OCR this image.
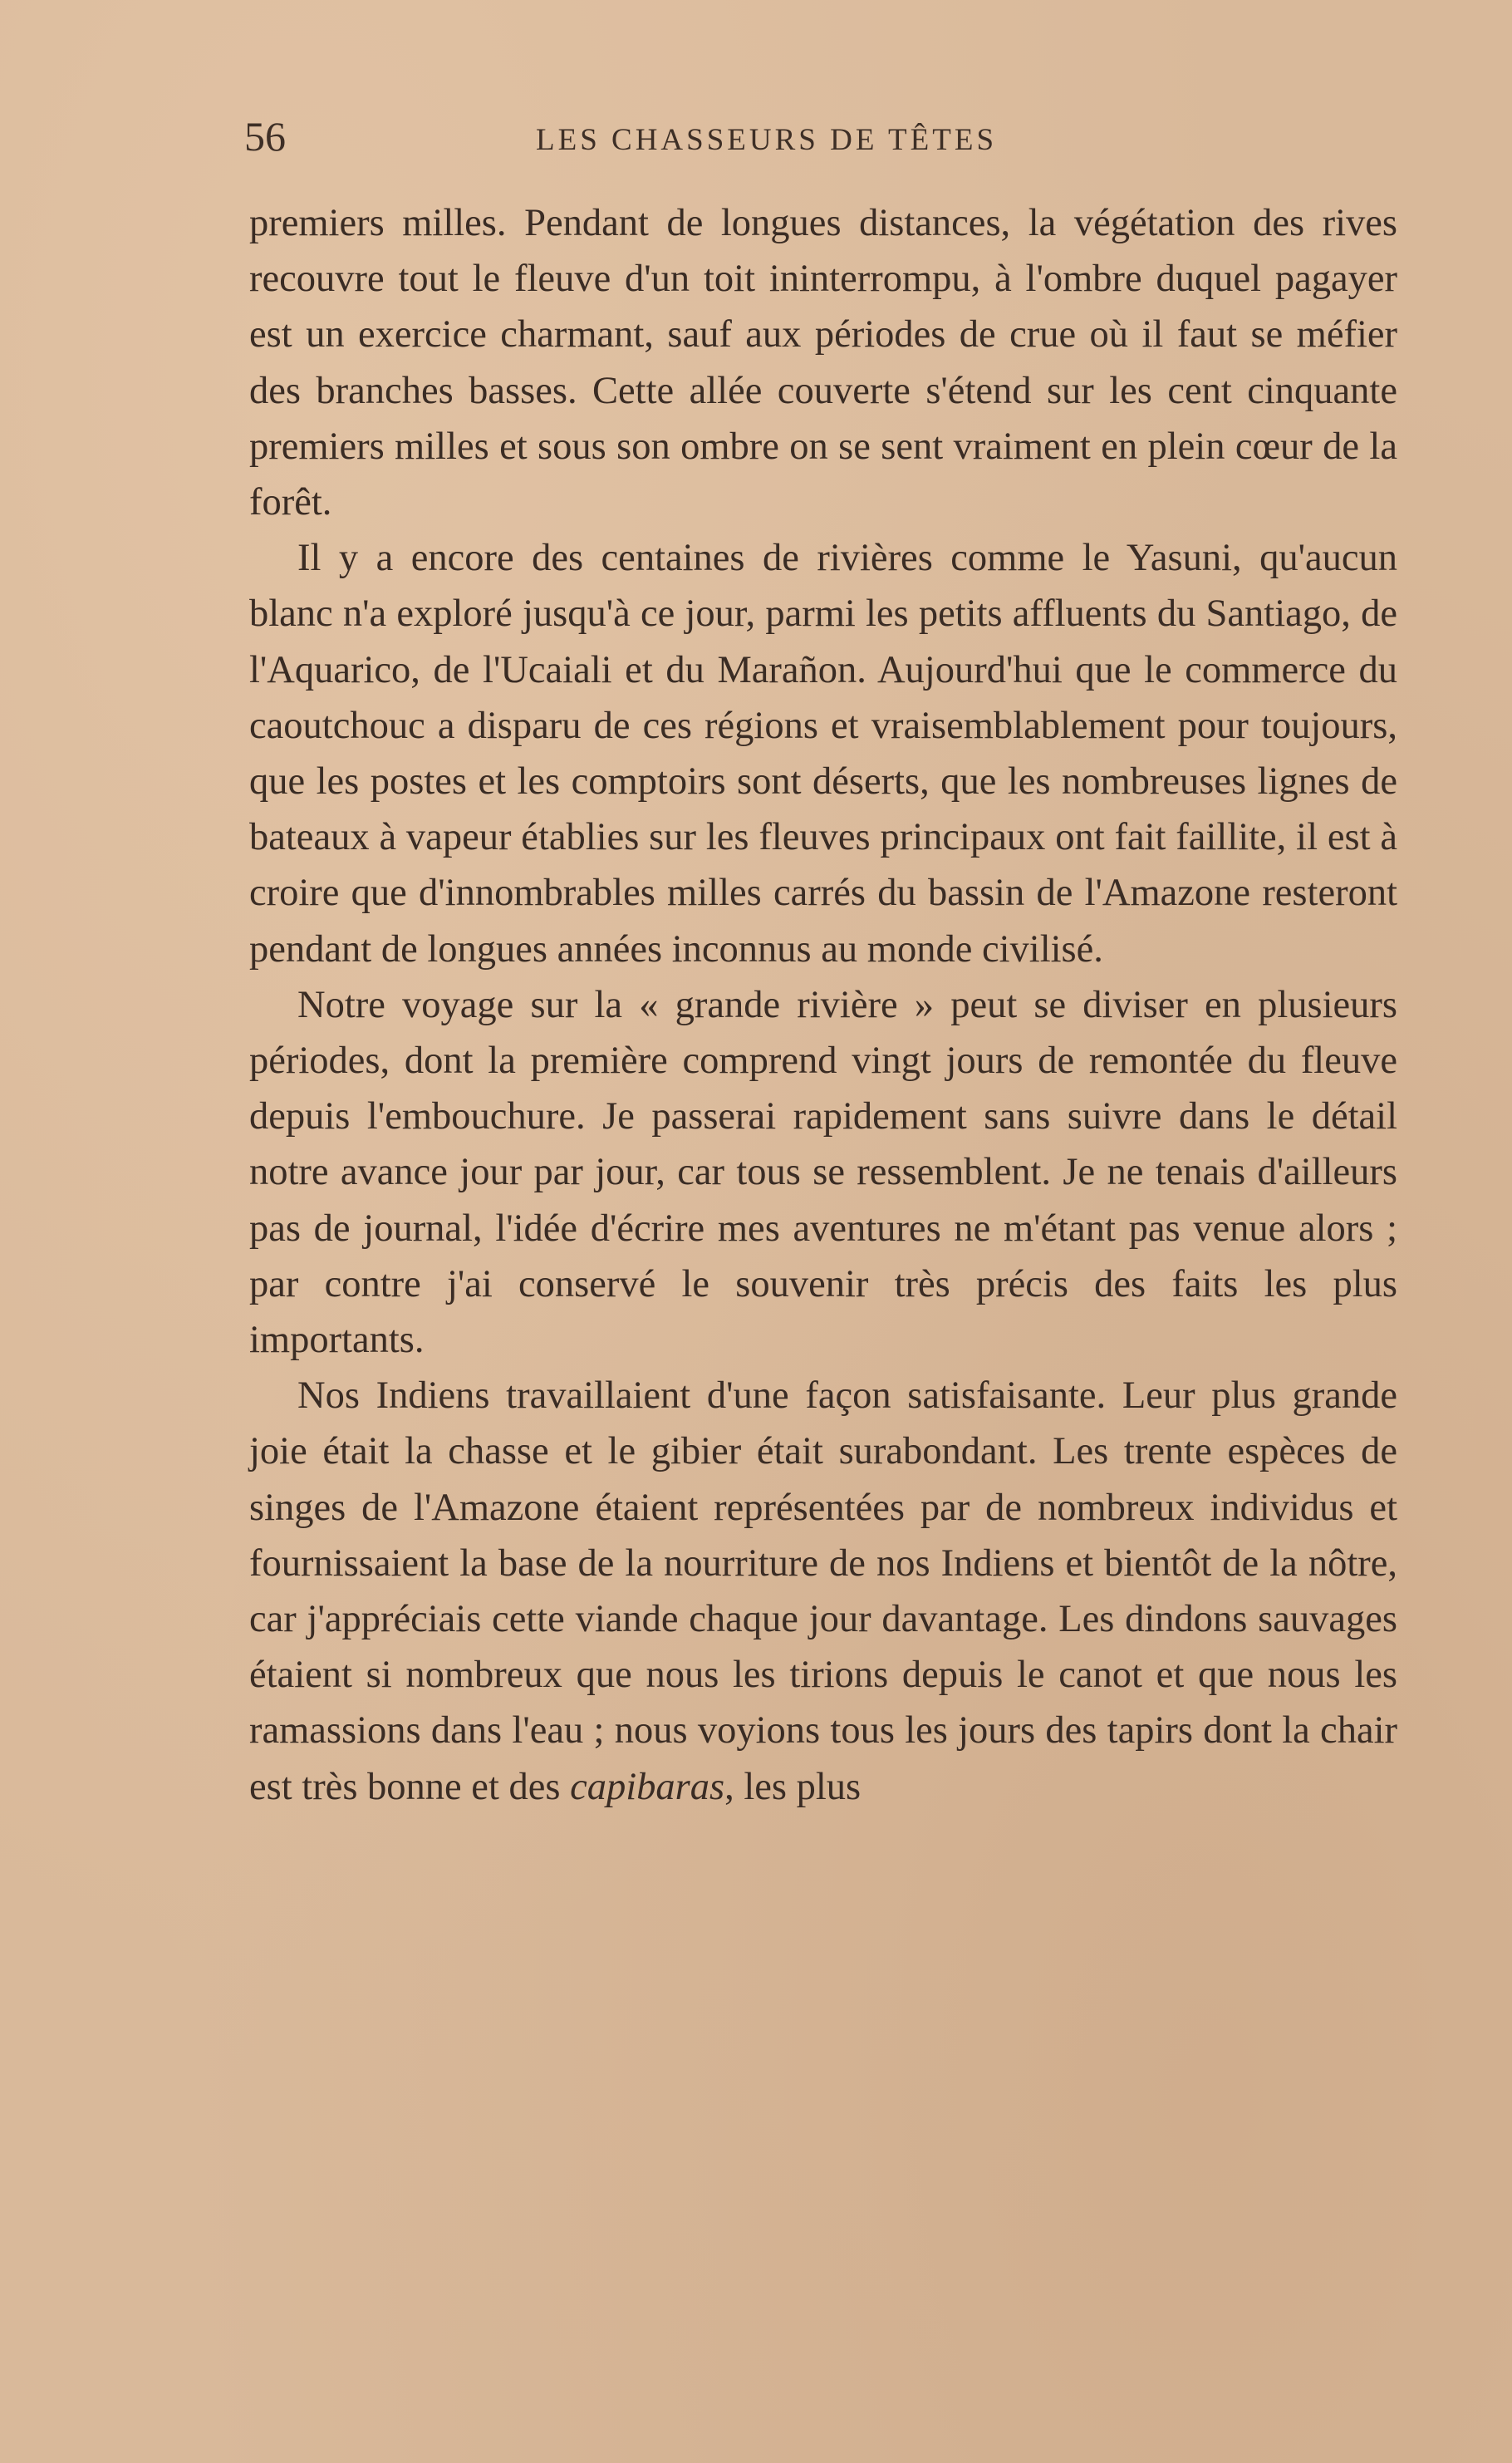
56	LES CHASSEURS DE TÊTES

premiers milles. Pendant de longues distances, la végétation des rives recouvre tout le fleuve d'un toit ininterrompu, à l'ombre duquel pagayer est un exercice charmant, sauf aux périodes de crue où il faut se méfier des branches basses. Cette allée couverte s'étend sur les cent cinquante premiers milles et sous son ombre on se sent vraiment en plein cœur de la forêt.

Il y a encore des centaines de rivières comme le Yasuni, qu'aucun blanc n'a exploré jusqu'à ce jour, parmi les petits affluents du Santiago, de l'Aquarico, de l'Ucaiali et du Marañon. Aujourd'hui que le commerce du caoutchouc a disparu de ces régions et vraisemblablement pour toujours, que les postes et les comptoirs sont déserts, que les nombreuses lignes de bateaux à vapeur établies sur les fleuves principaux ont fait faillite, il est à croire que d'innombrables milles carrés du bassin de l'Amazone resteront pendant de longues années inconnus au monde civilisé.

Notre voyage sur la « grande rivière » peut se diviser en plusieurs périodes, dont la première comprend vingt jours de remontée du fleuve depuis l'embouchure. Je passerai rapidement sans suivre dans le détail notre avance jour par jour, car tous se ressemblent. Je ne tenais d'ailleurs pas de journal, l'idée d'écrire mes aventures ne m'étant pas venue alors ; par contre j'ai conservé le souvenir très précis des faits les plus importants.

Nos Indiens travaillaient d'une façon satisfaisante. Leur plus grande joie était la chasse et le gibier était surabondant. Les trente espèces de singes de l'Amazone étaient représentées par de nombreux individus et fournissaient la base de la nourriture de nos Indiens et bientôt de la nôtre, car j'appréciais cette viande chaque jour davantage. Les dindons sauvages étaient si nombreux que nous les tirions depuis le canot et que nous les ramassions dans l'eau ; nous voyions tous les jours des tapirs dont la chair est très bonne et des capibaras, les plus
